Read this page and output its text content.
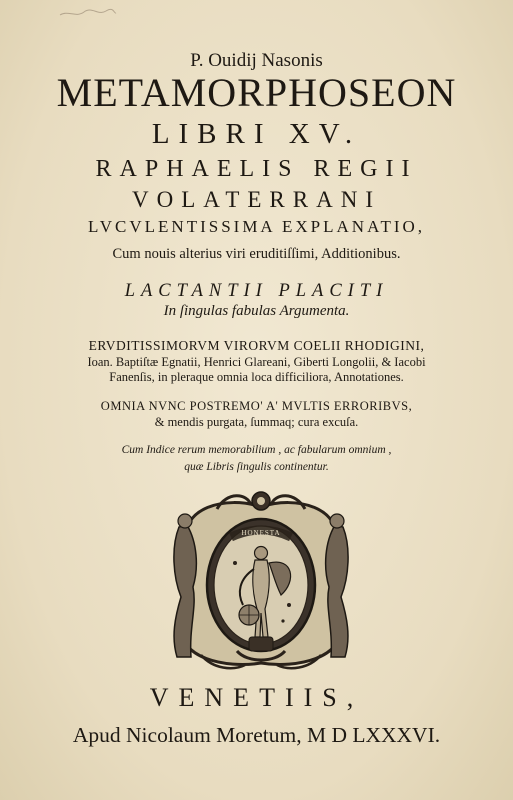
P. Ouidij Nasonis
METAMORPHOSEON
LIBRI XV.
RAPHAELIS REGII
VOLATERRANI
LVCVLENTISSIMA EXPLANATIO,
Cum nouis alterius viri eruditiſſimi, Additionibus.
LACTANTII PLACITI
In ſingulas fabulas Argumenta.
ERVDITISSIMORVM VIRORVM COELII RHODIGINI,
Ioan. Baptiſtæ Egnatii, Henrici Glareani, Giberti Longolii, & Iacobi
Fanenſis, in pleraque omnia loca difficiliora, Annotationes.
OMNIA NVNC POSTREMO' A' MVLTIS ERRORIBVS,
& mendis purgata, ſummaq; cura excuſa.
Cum Indice rerum memorabilium , ac fabularum omnium ,
quæ Libris ſingulis continentur.
HONESTA
VENETIIS,
Apud Nicolaum Moretum, M D LXXXVI.
